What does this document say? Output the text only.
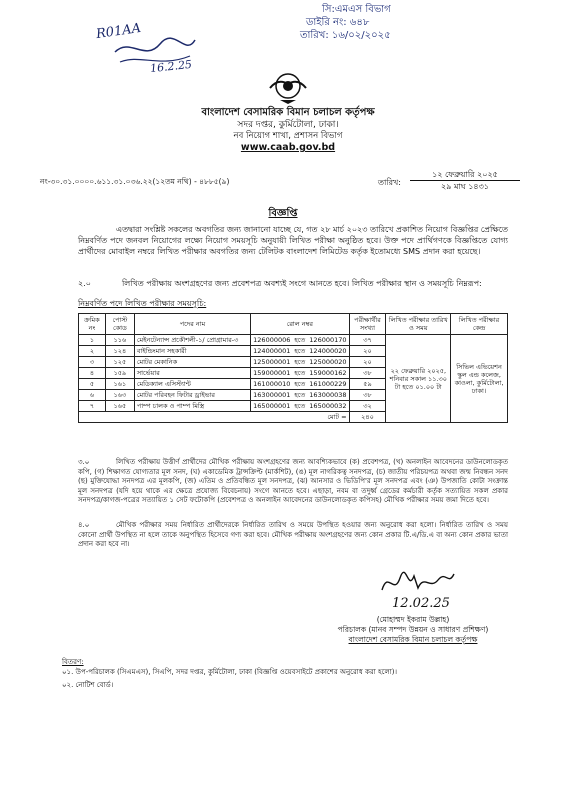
R01AA
16.2.25
সি:এমএস বিভাগ
ডাইরি নং: ৬৪৮
তারিখ: ১৬/০২/২০২৫
বাংলাদেশ বেসামরিক বিমান চলাচল কর্তৃপক্ষ
সদর দপ্তর, কুর্মিটোলা, ঢাকা।
নব নিয়োগ শাখা, প্রশাসন বিভাগ
www.caab.gov.bd
নং-৩০.৩১.০০০০.৬১১.৩১.০৩৬.২২(১২তম নথি) - ৪৮৮৫(৯)	তারিখ:
১২ ফেব্রুয়ারি ২০২৫
২৯ মাঘ ১৪৩১
বিজ্ঞপ্তি

এতদ্বারা সংশ্লিষ্ট সকলের অবগতির জন্য জানানো যাচ্ছে যে, গত ২৮ মার্চ ২০২৩ তারিখে প্রকাশিত নিয়োগ বিজ্ঞপ্তির প্রেক্ষিতে নিম্নবর্ণিত পদে জনবল নিয়োগের লক্ষ্যে নিয়োগ সময়সূচি অনুযায়ী লিখিত পরীক্ষা অনুষ্ঠিত হবে। উক্ত পদে প্রার্থিগণকে বিজ্ঞপ্তিতে যোগ্য প্রার্থীদের মোবাইল নম্বরে লিখিত পরীক্ষার অবগতির জন্য টেলিটক বাংলাদেশ লিমিটেড কর্তৃক ইতোমধ্যে SMS প্রদান করা হয়েছে।

২.০	লিখিত পরীক্ষায় অংশগ্রহণের জন্য প্রবেশপত্র অবশ্যই সংগে আনতে হবে। লিখিত পরীক্ষার স্থান ও সময়সূচি নিম্নরূপ:

নিম্নবর্ণিত পদে লিখিত পরীক্ষার সময়সূচি:
ক্রমিক নং	পোস্ট কোড	পদের নাম	রোল নম্বর			পরীক্ষার্থীর সংখ্যা	লিখিত পরীক্ষার তারিখ ও সময়	লিখিত পরীক্ষার কেন্দ্র
১	১১৬	মেইনটেন্যান্স প্রকৌশলী-১/ প্রোগ্রামার-৩	126000006	হতে	126000170	৩৭	২২ ফেব্রুয়ারি ২০২৫, শনিবার সকাল ১১.৩০ টা হতে ০১.০০ টা	সিভিল এভিয়েশন স্কুল এন্ড কলেজ, কাওলা, কুর্মিটোলা, ঢাকা।
২	১২৪	বাইন্ডিংমান সহকারী	124000001	হতে	124000020	২০		
৩	১২৫	মোটর মেকানিক	125000001	হতে	125000020	২০		
৪	১৫৯	সার্ভেয়ার	159000001	হতে	159000162	৩৮		
৫	১৬১	মেডিক্যাল এসিস্ট্যান্ট	161000010	হতে	161000229	৫৯		
৬	১৬৩	মোটর পরিবহন ফিটার ড্রাইভার	163000001	হতে	163000038	৩৮		
৭	১৬৫	পাম্প চালক ও পাম্প মিস্ত্রি	165000001	হতে	165000032	৩২		
মোট =						২৪০		
৩.০	লিখিত পরীক্ষায় উত্তীর্ণ প্রার্থীদের মৌখিক পরীক্ষায় অংশগ্রহণের জন্য আবশ্যিকভাবে (ক) প্রবেশপত্র, (খ) অনলাইন আবেদনের ডাউনলোডকৃত কপি, (গ) শিক্ষাগত যোগ্যতার মূল সনদ, (ঘ) একাডেমিক ট্রান্সক্রিপ্ট (মার্কশিট), (ঙ) মূল নাগরিকত্ব সনদপত্র, (চ) জাতীয় পরিচয়পত্র অথবা জন্ম নিবন্ধন সনদ (ছ) মুক্তিযোদ্ধা সনদপত্র এর মূলকপি, (জ) এতিম ও প্রতিবন্ধিত মূল সনদপত্র, (ঝ) আনসার ও ভিডিপি'র মূল সনদপত্র এবং (ঞ) উপজাতি কোটা সংক্রান্ত মূল সনদপত্র (যদি হয়ে থাকে এর ক্ষেত্রে প্রযোজ্য বিবেচনায়) সংগে আনতে হবে। এছাড়া, নবম বা তদুর্ধ্ব গ্রেডের কর্মচারী কর্তৃক সত্যায়িত সকল প্রকার সনদপত্র/কাগজ-পত্রের সত্যায়িত ১ সেট ফটোকপি (প্রবেশপত্র ও অনলাইন আবেদনের ডাউনলোডকৃত কপিসহ) মৌখিক পরীক্ষার সময় জমা দিতে হবে।

৪.০	মৌখিক পরীক্ষার সময় নির্ধারিত প্রার্থীদেরকে নির্ধারিত তারিখ ও সময়ে উপস্থিত হওয়ার জন্য অনুরোধ করা হলো। নির্ধারিত তারিখ ও সময় কোনো প্রার্থী উপস্থিত না হলে তাকে অনুপস্থিত হিসেবে গণ্য করা হবে। মৌখিক পরীক্ষায় অংশগ্রহণের জন্য কোন প্রকার টি.এ/ডি.এ বা অন্য কোন প্রকার ভাতা প্রদান করা হবে না।

12.02.25
(মোহাম্মদ ইকরাম উল্লাহ)
পরিচালক (মানব সম্পদ উন্নয়ন ও সাধারণ প্রশিক্ষণ)
বাংলাদেশ বেসামরিক বিমান চলাচল কর্তৃপক্ষ
বিতরণ:
০১. উপ-পরিচালক (সিএমএস), সিএপি, সদর দপ্তর, কুর্মিটোলা, ঢাকা (বিজ্ঞপ্তি ওয়েবসাইটে প্রকাশের অনুরোধ করা হলো)।
০২. নোটিশ বোর্ড।
